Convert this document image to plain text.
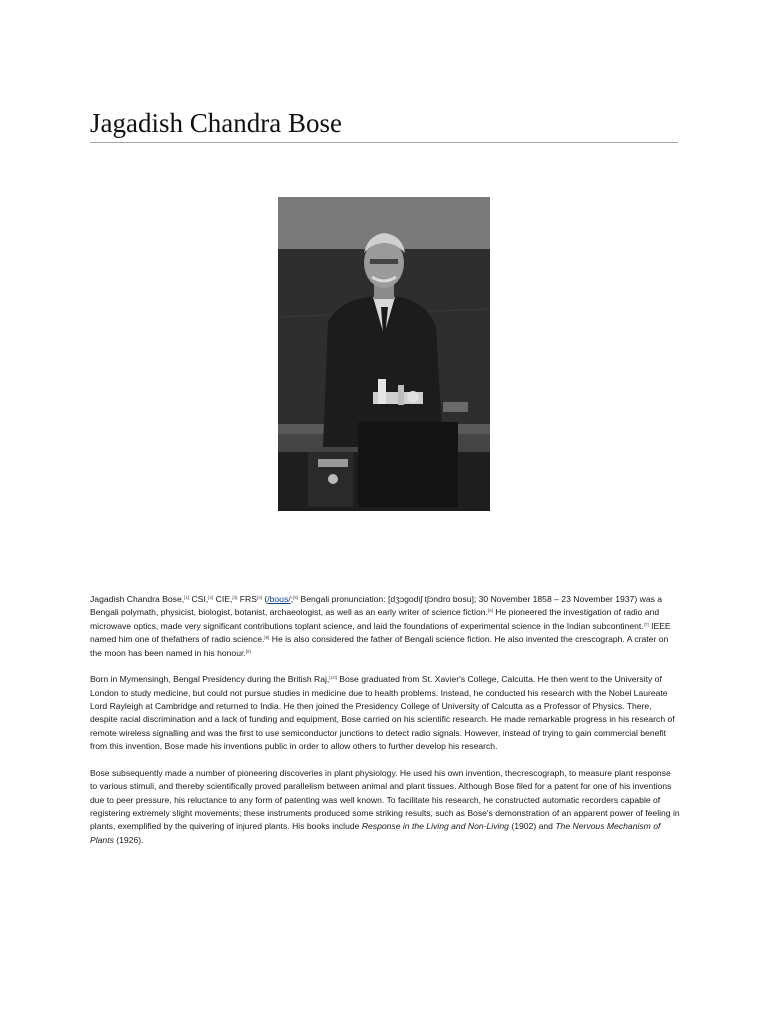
Jagadish Chandra Bose

Jagadish Chandra Bose,[1] CSI,[2] CIE,[3] FRS[4] (/boʊs/;[5] Bengali pronunciation: [dʒɔgodiʃ tʃɔndro bosu]; 30 November 1858 – 23 November 1937) was a Bengali polymath, physicist, biologist, botanist, archaeologist, as well as an early writer of science fiction.[6] He pioneered the investigation of radio and microwave optics, made very significant contributions toplant science, and laid the foundations of experimental science in the Indian subcontinent.[7] IEEE named him one of thefathers of radio science.[8] He is also considered the father of Bengali science fiction. He also invented the crescograph. A crater on the moon has been named in his honour.[9]

Born in Mymensingh, Bengal Presidency during the British Raj,[10] Bose graduated from St. Xavier's College, Calcutta. He then went to the University of London to study medicine, but could not pursue studies in medicine due to health problems. Instead, he conducted his research with the Nobel Laureate Lord Rayleigh at Cambridge and returned to India. He then joined the Presidency College of University of Calcutta as a Professor of Physics. There, despite racial discrimination and a lack of funding and equipment, Bose carried on his scientific research. He made remarkable progress in his research of remote wireless signalling and was the first to use semiconductor junctions to detect radio signals. However, instead of trying to gain commercial benefit from this invention, Bose made his inventions public in order to allow others to further develop his research.

Bose subsequently made a number of pioneering discoveries in plant physiology. He used his own invention, thecrescograph, to measure plant response to various stimuli, and thereby scientifically proved parallelism between animal and plant tissues. Although Bose filed for a patent for one of his inventions due to peer pressure, his reluctance to any form of patenting was well known. To facilitate his research, he constructed automatic recorders capable of registering extremely slight movements; these instruments produced some striking results, such as Bose's demonstration of an apparent power of feeling in plants, exemplified by the quivering of injured plants. His books include Response in the Living and Non-Living (1902) and The Nervous Mechanism of Plants (1926).
